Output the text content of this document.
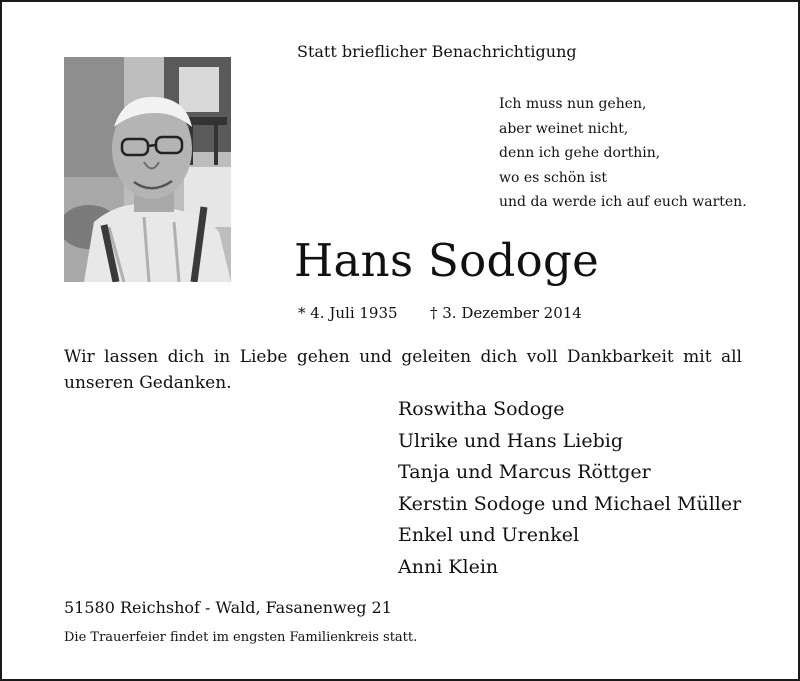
Statt brieflicher Benachrichtigung
Ich muss nun gehen,
aber weinet nicht,
denn ich gehe dorthin,
wo es schön ist
und da werde ich auf euch warten.
Hans Sodoge
* 4. Juli 1935 † 3. Dezember 2014
Wir lassen dich in Liebe gehen und geleiten dich voll Dankbarkeit mit all unseren Gedanken.
Roswitha Sodoge
Ulrike und Hans Liebig
Tanja und Marcus Röttger
Kerstin Sodoge und Michael Müller
Enkel und Urenkel
Anni Klein
51580 Reichshof - Wald, Fasanenweg 21
Die Trauerfeier findet im engsten Familienkreis statt.
